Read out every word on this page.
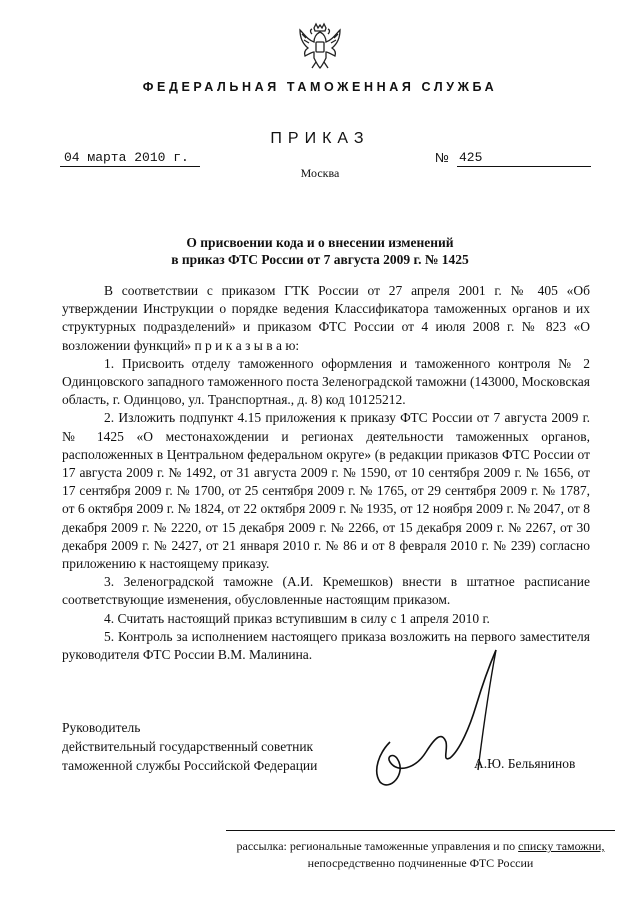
ФЕДЕРАЛЬНАЯ ТАМОЖЕННАЯ СЛУЖБА
ПРИКАЗ
04 марта 2010 г.	№ 425
Москва
О присвоении кода и о внесении изменений
в приказ ФТС России от 7 августа 2009 г. № 1425

В соответствии с приказом ГТК России от 27 апреля 2001 г. № 405 «Об утверждении Инструкции о порядке ведения Классификатора таможенных органов и их структурных подразделений» и приказом ФТС России от 4 июля 2008 г. № 823 «О возложении функций» п р и к а з ы в а ю:

1. Присвоить отделу таможенного оформления и таможенного контроля № 2 Одинцовского западного таможенного поста Зеленоградской таможни (143000, Московская область, г. Одинцово, ул. Транспортная., д. 8) код 10125212.

2. Изложить подпункт 4.15 приложения к приказу ФТС России от 7 августа 2009 г. № 1425 «О местонахождении и регионах деятельности таможенных органов, расположенных в Центральном федеральном округе» (в редакции приказов ФТС России от 17 августа 2009 г. № 1492, от 31 августа 2009 г. № 1590, от 10 сентября 2009 г. № 1656, от 17 сентября 2009 г. № 1700, от 25 сентября 2009 г. № 1765, от 29 сентября 2009 г. № 1787, от 6 октября 2009 г. № 1824, от 22 октября 2009 г. № 1935, от 12 ноября 2009 г. № 2047, от 8 декабря 2009 г. № 2220, от 15 декабря 2009 г. № 2266, от 15 декабря 2009 г. № 2267, от 30 декабря 2009 г. № 2427, от 21 января 2010 г. № 86 и от 8 февраля 2010 г. № 239) согласно приложению к настоящему приказу.

3. Зеленоградской таможне (А.И. Кремешков) внести в штатное расписание соответствующие изменения, обусловленные настоящим приказом.

4. Считать настоящий приказ вступившим в силу с 1 апреля 2010 г.

5. Контроль за исполнением настоящего приказа возложить на первого заместителя руководителя ФТС России В.М. Малинина.

Руководитель
действительный государственный советник
таможенной службы Российской Федерации	А.Ю. Бельянинов
рассылка: региональные таможенные управления и по списку таможни,
непосредственно подчиненные ФТС России
